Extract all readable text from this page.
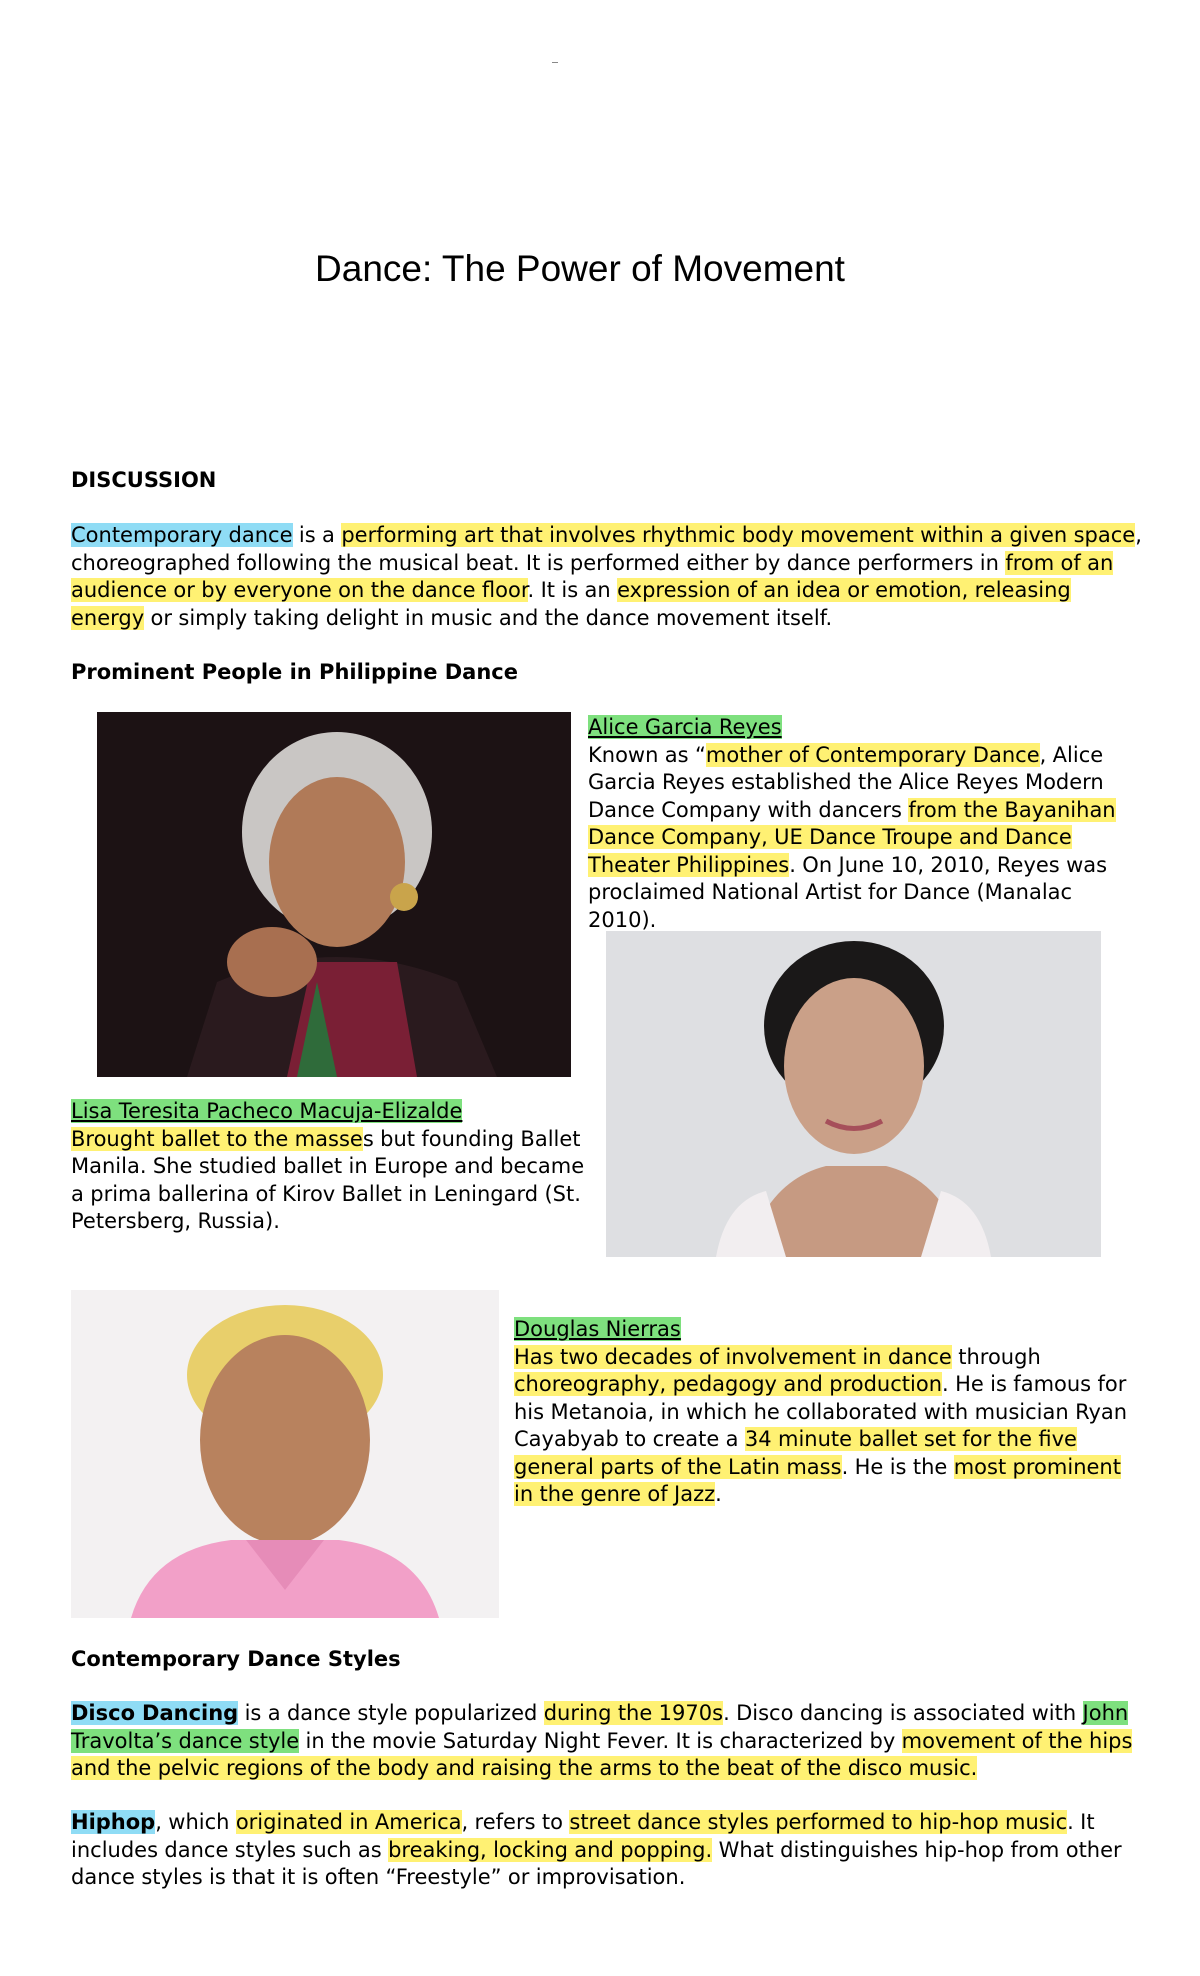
Dance: The Power of Movement
DISCUSSION

Contemporary dance is a performing art that involves rhythmic body movement within a given space, choreographed following the musical beat. It is performed either by dance performers in from of an audience or by everyone on the dance floor. It is an expression of an idea or emotion, releasing energy or simply taking delight in music and the dance movement itself.

Prominent People in Philippine Dance

Alice Garcia Reyes
Known as “mother of Contemporary Dance, Alice Garcia Reyes established the Alice Reyes Modern Dance Company with dancers from the Bayanihan Dance Company, UE Dance Troupe and Dance Theater Philippines. On June 10, 2010, Reyes was proclaimed National Artist for Dance (Manalac 2010).

Lisa Teresita Pacheco Macuja-Elizalde
Brought ballet to the masses but founding Ballet Manila. She studied ballet in Europe and became a prima ballerina of Kirov Ballet in Leningard (St. Petersberg, Russia).

Douglas Nierras
Has two decades of involvement in dance through choreography, pedagogy and production. He is famous for his Metanoia, in which he collaborated with musician Ryan Cayabyab to create a 34 minute ballet set for the five general parts of the Latin mass. He is the most prominent in the genre of Jazz.

Contemporary Dance Styles

Disco Dancing is a dance style popularized during the 1970s. Disco dancing is associated with John Travolta’s dance style in the movie Saturday Night Fever. It is characterized by movement of the hips and the pelvic regions of the body and raising the arms to the beat of the disco music.

Hiphop, which originated in America, refers to street dance styles performed to hip-hop music. It includes dance styles such as breaking, locking and popping. What distinguishes hip-hop from other dance styles is that it is often “Freestyle” or improvisation.
